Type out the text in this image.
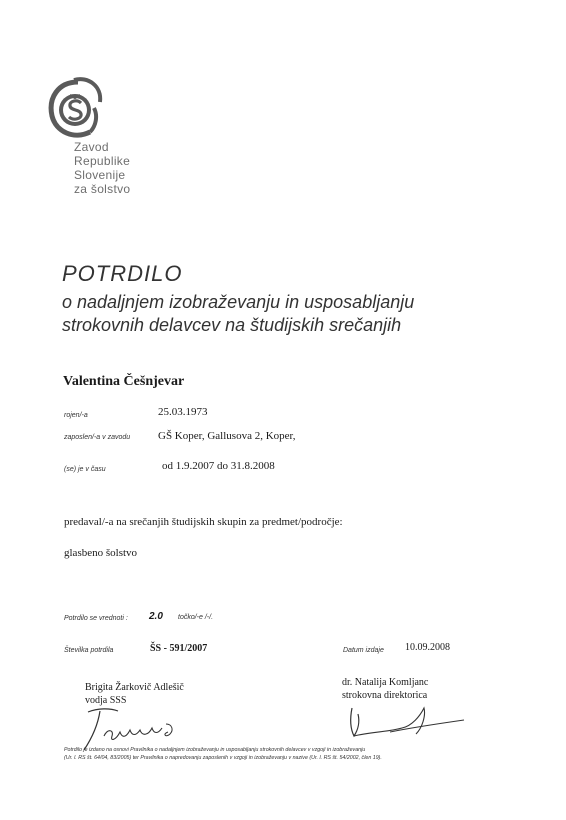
Zavod
Republike
Slovenije
za šolstvo
POTRDILO
o nadaljnjem izobraževanju in usposabljanju
strokovnih delavcev na študijskih srečanjih
Valentina Češnjevar
rojen/-a	25.03.1973
zaposlen/-a v zavodu	GŠ Koper, Gallusova 2, Koper,
(se) je v času	od 1.9.2007 do 31.8.2008
predaval/-a na srečanjih študijskih skupin za predmet/področje:
glasbeno šolstvo
Potrdilo se vrednoti : 2.0 točko/-e /-/.
Številka potrdila	ŠS - 591/2007	Datum izdaje 10.09.2008
Brigita Žarkovič Adlešič
vodja SSS
dr. Natalija Komljanc
strokovna direktorica
Potrdilo je izdano na osnovi Pravilnika o nadaljnjem izobraževanju in usposabljanju strokovnih delavcev v vzgoji in izobraževanju
(Ur. l. RS št. 64/04, 83/2005) ter Pravilnika o napredovanju zaposlenih v vzgoji in izobraževanju v nazive (Ur. l. RS št. 54/2002, člen 19).
